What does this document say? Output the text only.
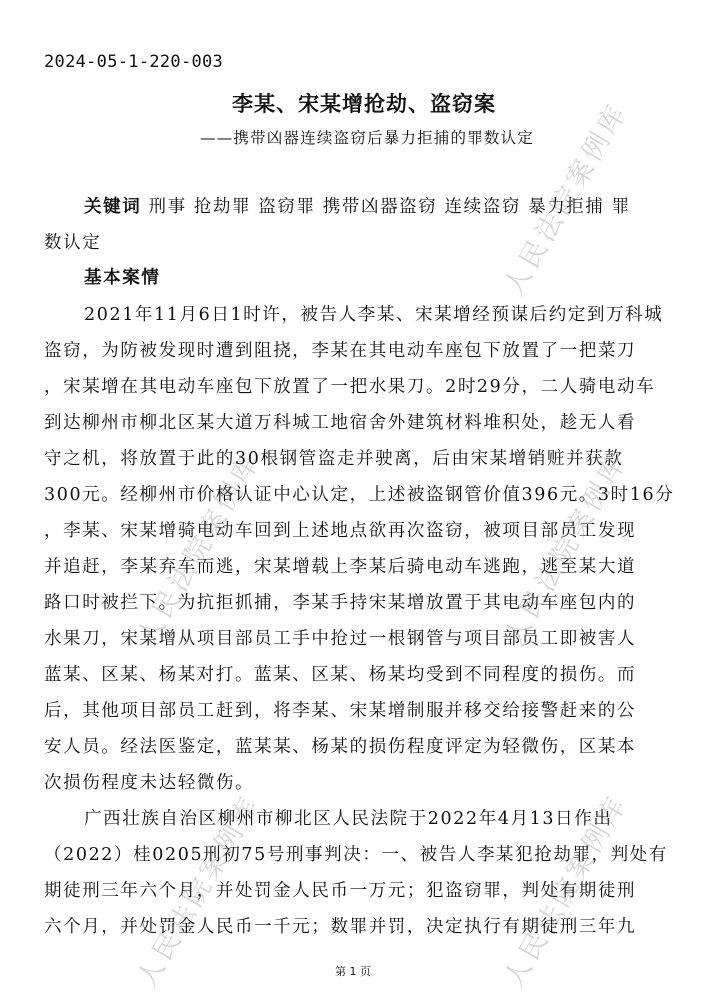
人民法院案例库
人民法院案例库	人民法院案例库
人民法院案例库	人民法院案例库
2024-05-1-220-003
李某、宋某增抢劫、盗窃案
——携带凶器连续盗窃后暴力拒捕的罪数认定
关键词 刑事 抢劫罪 盗窃罪 携带凶器盗窃 连续盗窃 暴力拒捕 罪
数认定
基本案情
2021年11月6日1时许，被告人李某、宋某增经预谋后约定到万科城
盗窃，为防被发现时遭到阻挠，李某在其电动车座包下放置了一把菜刀
，宋某增在其电动车座包下放置了一把水果刀。2时29分，二人骑电动车
到达柳州市柳北区某大道万科城工地宿舍外建筑材料堆积处，趁无人看
守之机，将放置于此的30根钢管盗走并驶离，后由宋某增销赃并获款
300元。经柳州市价格认证中心认定，上述被盗钢管价值396元。3时16分
，李某、宋某增骑电动车回到上述地点欲再次盗窃，被项目部员工发现
并追赶，李某弃车而逃，宋某增载上李某后骑电动车逃跑，逃至某大道
路口时被拦下。为抗拒抓捕，李某手持宋某增放置于其电动车座包内的
水果刀，宋某增从项目部员工手中抢过一根钢管与项目部员工即被害人
蓝某、区某、杨某对打。蓝某、区某、杨某均受到不同程度的损伤。而
后，其他项目部员工赶到，将李某、宋某增制服并移交给接警赶来的公
安人员。经法医鉴定，蓝某某、杨某的损伤程度评定为轻微伤，区某本
次损伤程度未达轻微伤。
广西壮族自治区柳州市柳北区人民法院于2022年4月13日作出
（2022）桂0205刑初75号刑事判决：一、被告人李某犯抢劫罪，判处有
期徒刑三年六个月，并处罚金人民币一万元；犯盗窃罪，判处有期徒刑
六个月，并处罚金人民币一千元；数罪并罚，决定执行有期徒刑三年九
第 1 页
